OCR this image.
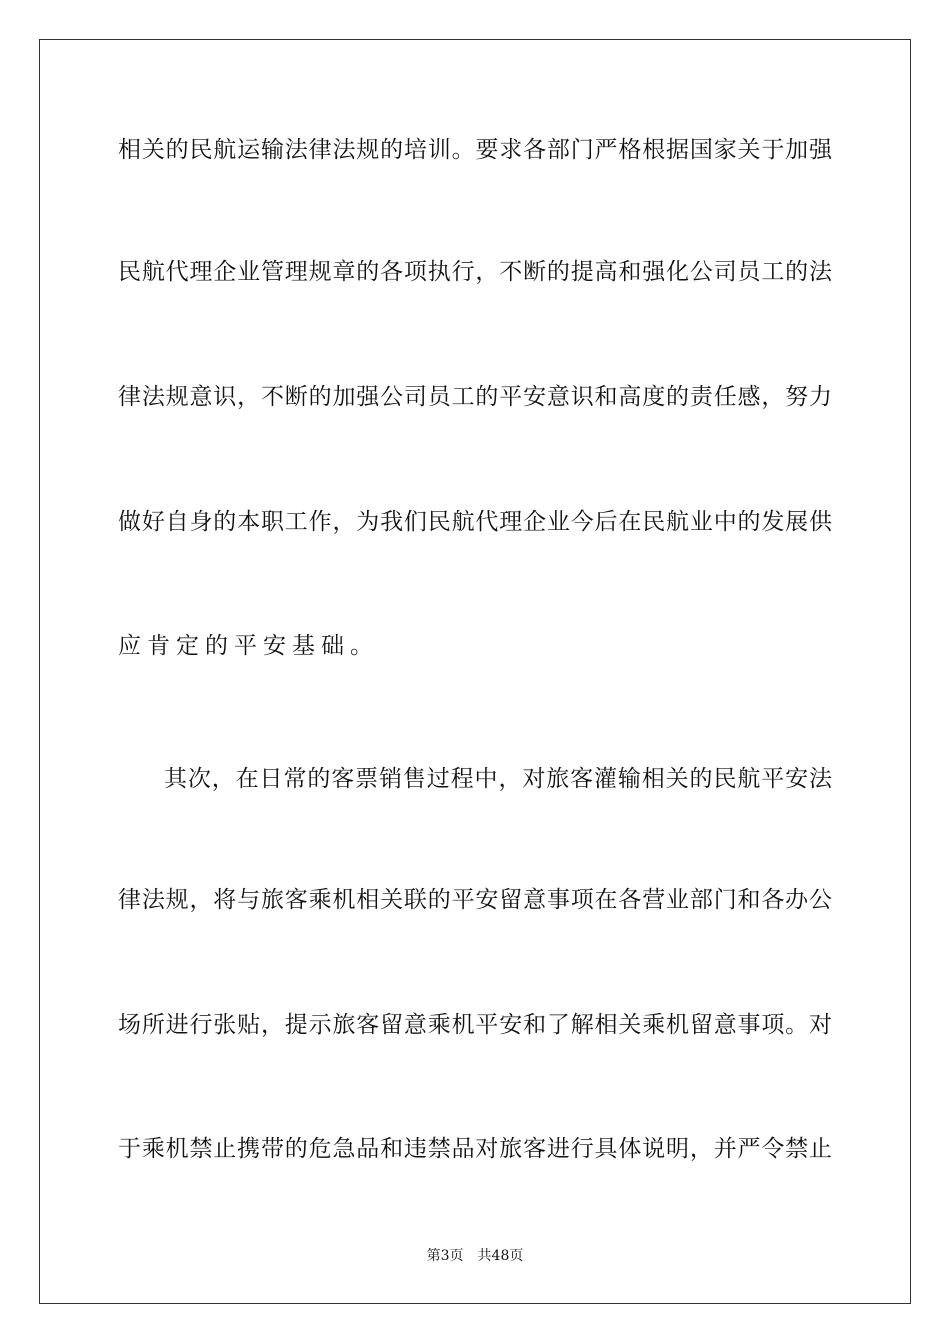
相关的民航运输法律法规的培训。要求各部门严格根据国家关于加强
民航代理企业管理规章的各项执行，不断的提高和强化公司员工的法
律法规意识，不断的加强公司员工的平安意识和高度的责任感，努力
做好自身的本职工作，为我们民航代理企业今后在民航业中的发展供
应肯定的平安基础。
其次，在日常的客票销售过程中，对旅客灌输相关的民航平安法
律法规，将与旅客乘机相关联的平安留意事项在各营业部门和各办公
场所进行张贴，提示旅客留意乘机平安和了解相关乘机留意事项。对
于乘机禁止携带的危急品和违禁品对旅客进行具体说明，并严令禁止
第3页 共48页
